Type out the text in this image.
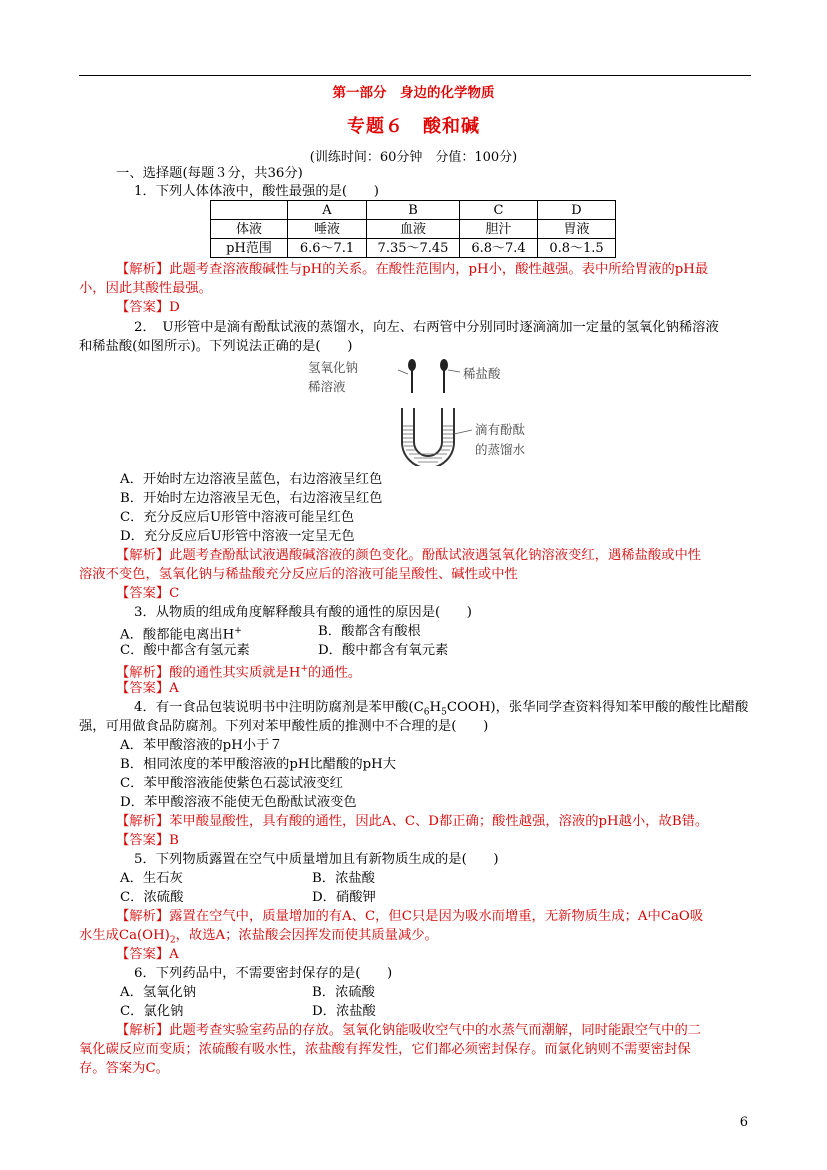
第一部分　身边的化学物质
专题６　酸和碱
(训练时间：60分钟　分值：100分)
一、选择题(每题３分，共36分)
1．下列人体体液中，酸性最强的是(　　)
	A	B	C	D
体液	唾液	血液	胆汁	胃液
pH范围	6.6～7.1	7.35～7.45	6.8～7.4	0.8～1.5
【解析】此题考查溶液酸碱性与pH的关系。在酸性范围内，pH小，酸性越强。表中所给胃液的pH最
小，因此其酸性最强。
【答案】D
2．　U形管中是滴有酚酞试液的蒸馏水，向左、右两管中分别同时逐滴滴加一定量的氢氧化钠稀溶液
和稀盐酸(如图所示)。下列说法正确的是(　　)
氢氧化钠
稀溶液
稀盐酸
滴有酚酞
的蒸馏水
A．开始时左边溶液呈蓝色，右边溶液呈红色
B．开始时左边溶液呈无色，右边溶液呈红色
C．充分反应后U形管中溶液可能呈红色
D．充分反应后U形管中溶液一定呈无色
【解析】此题考查酚酞试液遇酸碱溶液的颜色变化。酚酞试液遇氢氧化钠溶液变红，遇稀盐酸或中性
溶液不变色，氢氧化钠与稀盐酸充分反应后的溶液可能呈酸性、碱性或中性
【答案】C
3．从物质的组成角度解释酸具有酸的通性的原因是(　　)
A．酸都能电离出H+	B．酸都含有酸根
C．酸中都含有氢元素	D．酸中都含有氧元素
【解析】酸的通性其实质就是H+的通性。
【答案】A
4．有一食品包装说明书中注明防腐剂是苯甲酸$(C_6H_5COOH)$，张华同学查资料得知苯甲酸的酸性比醋酸
强，可用做食品防腐剂。下列对苯甲酸性质的推测中不合理的是(　　)
A．苯甲酸溶液的pH小于７
B．相同浓度的苯甲酸溶液的pH比醋酸的pH大
C．苯甲酸溶液能使紫色石蕊试液变红
D．苯甲酸溶液不能使无色酚酞试液变色
【解析】苯甲酸显酸性，具有酸的通性，因此A、C、D都正确；酸性越强，溶液的pH越小，故B错。
【答案】B
5．下列物质露置在空气中质量增加且有新物质生成的是(　　)
A．生石灰	B．浓盐酸
C．浓硫酸	D．硝酸钾
【解析】露置在空气中，质量增加的有A、C，但C只是因为吸水而增重，无新物质生成；A中CaO吸
水生成$Ca(OH)_2$，故选A；浓盐酸会因挥发而使其质量减少。
【答案】A
6．下列药品中，不需要密封保存的是(　　)
A．氢氧化钠	B．浓硫酸
C．氯化钠	D．浓盐酸
【解析】此题考查实验室药品的存放。氢氧化钠能吸收空气中的水蒸气而潮解，同时能跟空气中的二
氧化碳反应而变质；浓硫酸有吸水性，浓盐酸有挥发性，它们都必须密封保存。而氯化钠则不需要密封保
存。答案为C。
6
